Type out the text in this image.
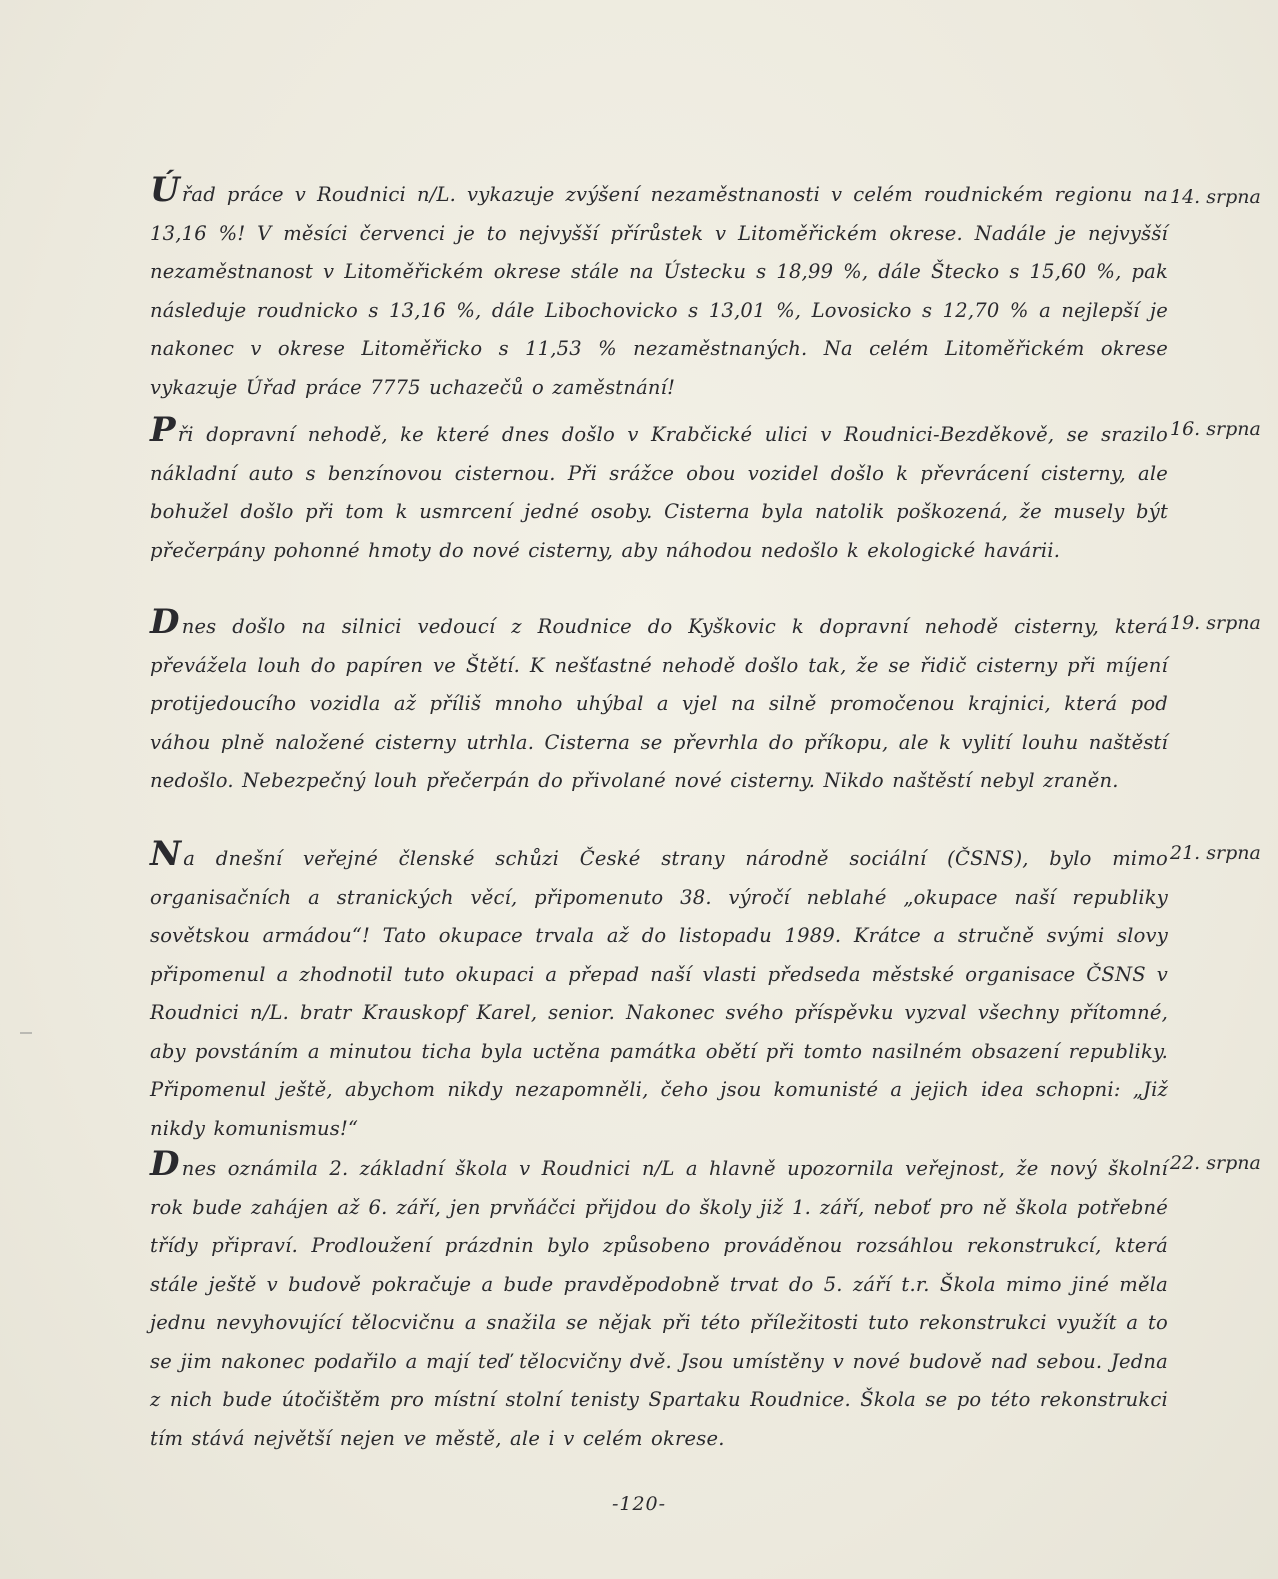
Úřad práce v Roudnici n/L. vykazuje zvýšení nezaměstnanosti v celém roudnickém regionu na 13,16 %! V měsíci červenci je to nejvyšší přírůstek v Litoměřickém okrese. Nadále je nejvyšší nezaměstnanost v Litoměřickém okrese stále na Ústecku s 18,99 %, dále Štecko s 15,60 %, pak následuje roudnicko s 13,16 %, dále Libochovicko s 13,01 %, Lovosicko s 12,70 % a nejlepší je nakonec v okrese Litoměřicko s 11,53 % nezaměstnaných. Na celém Litoměřickém okrese vykazuje Úřad práce 7775 uchazečů o zaměstnání!

14. srpna

Při dopravní nehodě, ke které dnes došlo v Krabčické ulici v Roudnici-Bezděkově, se srazilo nákladní auto s benzínovou cisternou. Při srážce obou vozidel došlo k převrácení cisterny, ale bohužel došlo při tom k usmrcení jedné osoby. Cisterna byla natolik poškozená, že musely být přečerpány pohonné hmoty do nové cisterny, aby náhodou nedošlo k ekologické havárii.

16. srpna

Dnes došlo na silnici vedoucí z Roudnice do Kyškovic k dopravní nehodě cisterny, která převážela louh do papíren ve Štětí. K nešťastné nehodě došlo tak, že se řidič cisterny při míjení protijedoucího vozidla až příliš mnoho uhýbal a vjel na silně promočenou krajnici, která pod váhou plně naložené cisterny utrhla. Cisterna se převrhla do příkopu, ale k vylití louhu naštěstí nedošlo. Nebezpečný louh přečerpán do přivolané nové cisterny. Nikdo naštěstí nebyl zraněn.

19. srpna

Na dnešní veřejné členské schůzi České strany národně sociální (ČSNS), bylo mimo organisačních a stranických věcí, připomenuto 38. výročí neblahé „okupace naší republiky sovětskou armádou“! Tato okupace trvala až do listopadu 1989. Krátce a stručně svými slovy připomenul a zhodnotil tuto okupaci a přepad naší vlasti předseda městské organisace ČSNS v Roudnici n/L. bratr Krauskopf Karel, senior. Nakonec svého příspěvku vyzval všechny přítomné, aby povstáním a minutou ticha byla uctěna památka obětí při tomto nasilném obsazení republiky. Připomenul ještě, abychom nikdy nezapomněli, čeho jsou komunisté a jejich idea schopni: „Již nikdy komunismus!“

21. srpna

Dnes oznámila 2. základní škola v Roudnici n/L a hlavně upozornila veřejnost, že nový školní rok bude zahájen až 6. září, jen prvňáčci přijdou do školy již 1. září, neboť pro ně škola potřebné třídy připraví. Prodloužení prázdnin bylo způsobeno prováděnou rozsáhlou rekonstrukcí, která stále ještě v budově pokračuje a bude pravděpodobně trvat do 5. září t.r. Škola mimo jiné měla jednu nevyhovující tělocvičnu a snažila se nějak při této příležitosti tuto rekonstrukci využít a to se jim nakonec podařilo a mají teď tělocvičny dvě. Jsou umístěny v nové budově nad sebou. Jedna z nich bude útočištěm pro místní stolní tenisty Spartaku Roudnice. Škola se po této rekonstrukci tím stává největší nejen ve městě, ale i v celém okrese.

22. srpna
-120-
